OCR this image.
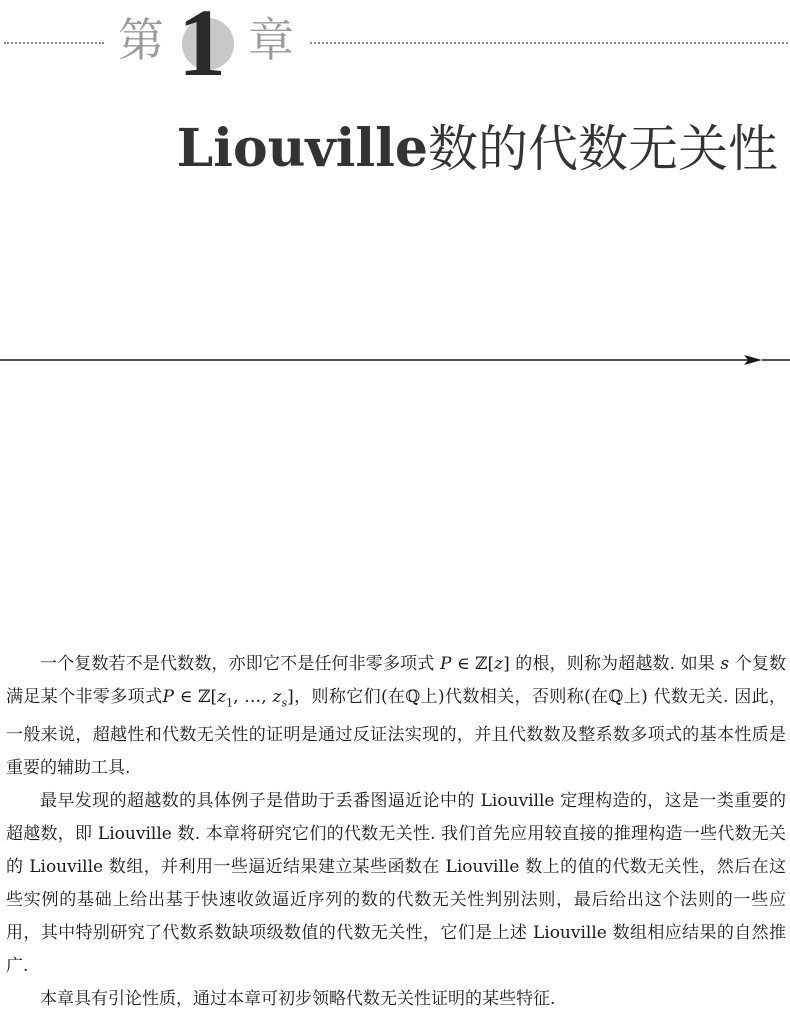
第 1 章
Liouville数的代数无关性

一个复数若不是代数数，亦即它不是任何非零多项式 P ∈ ℤ[z] 的根，则称为超越数. 如果 s 个复数满足某个非零多项式P ∈ $ℤ[z_1$, …, $z_s$]，则称它们(在ℚ上)代数相关，否则称(在ℚ上) 代数无关. 因此，一般来说，超越性和代数无关性的证明是通过反证法实现的，并且代数数及整系数多项式的基本性质是重要的辅助工具.

最早发现的超越数的具体例子是借助于丢番图逼近论中的 Liouville 定理构造的，这是一类重要的超越数，即 Liouville 数. 本章将研究它们的代数无关性. 我们首先应用较直接的推理构造一些代数无关的 Liouville 数组，并利用一些逼近结果建立某些函数在 Liouville 数上的值的代数无关性，然后在这些实例的基础上给出基于快速收敛逼近序列的数的代数无关性判别法则，最后给出这个法则的一些应用，其中特别研究了代数系数缺项级数值的代数无关性，它们是上述 Liouville 数组相应结果的自然推广.

本章具有引论性质，通过本章可初步领略代数无关性证明的某些特征.
